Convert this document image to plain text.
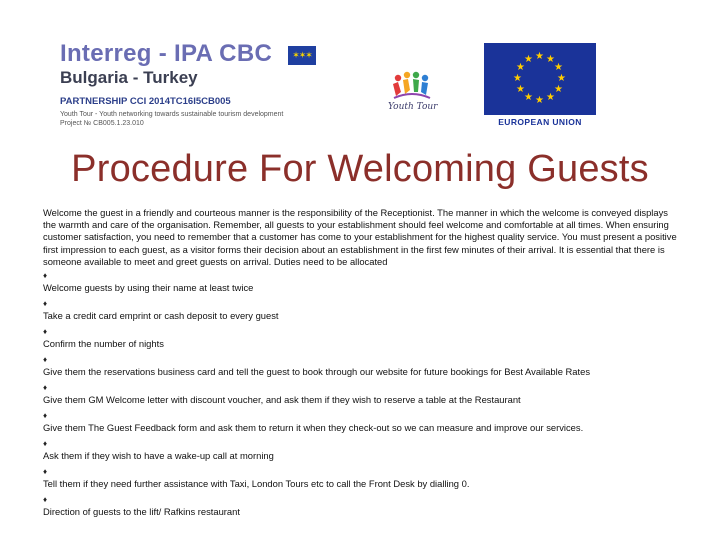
Interreg - IPA CBC ✶✶✶
Bulgaria - Turkey
PARTNERSHIP CCI 2014TC16I5CB005
Youth Tour - Youth networking towards sustainable tourism development
Project № CB005.1.23.010
Youth Tour
★ ★
★
★
★
★
★
★
★
★
★
★
EUROPEAN UNION
Procedure For Welcoming Guests

Welcome the guest in a friendly and courteous manner is the responsibility of the Receptionist. The manner in which the welcome is conveyed displays the warmth and care of the organisation. Remember, all guests to your establishment should feel welcome and comfortable at all times. When ensuring customer satisfaction, you need to remember that a customer has come to your establishment for the highest quality service. You must present a positive first impression to each guest, as a visitor forms their decision about an establishment in the first few minutes of their arrival. It is essential that there is someone available to meet and greet guests on arrival. Duties need to be allocated

♦
Welcome guests by using their name at least twice
♦
Take a credit card emprint or cash deposit to every guest
♦
Confirm the number of nights
♦
Give them the reservations business card and tell the guest to book through our website for future bookings for Best Available Rates
♦
Give them GM Welcome letter with discount voucher, and ask them if they wish to reserve a table at the Restaurant
♦
Give them The Guest Feedback form and ask them to return it when they check-out so we can measure and improve our services.
♦
Ask them if they wish to have a wake-up call at morning
♦
Tell them if they need further assistance with Taxi, London Tours etc to call the Front Desk by dialling 0.
♦
Direction of guests to the lift/ Rafkins restaurant
